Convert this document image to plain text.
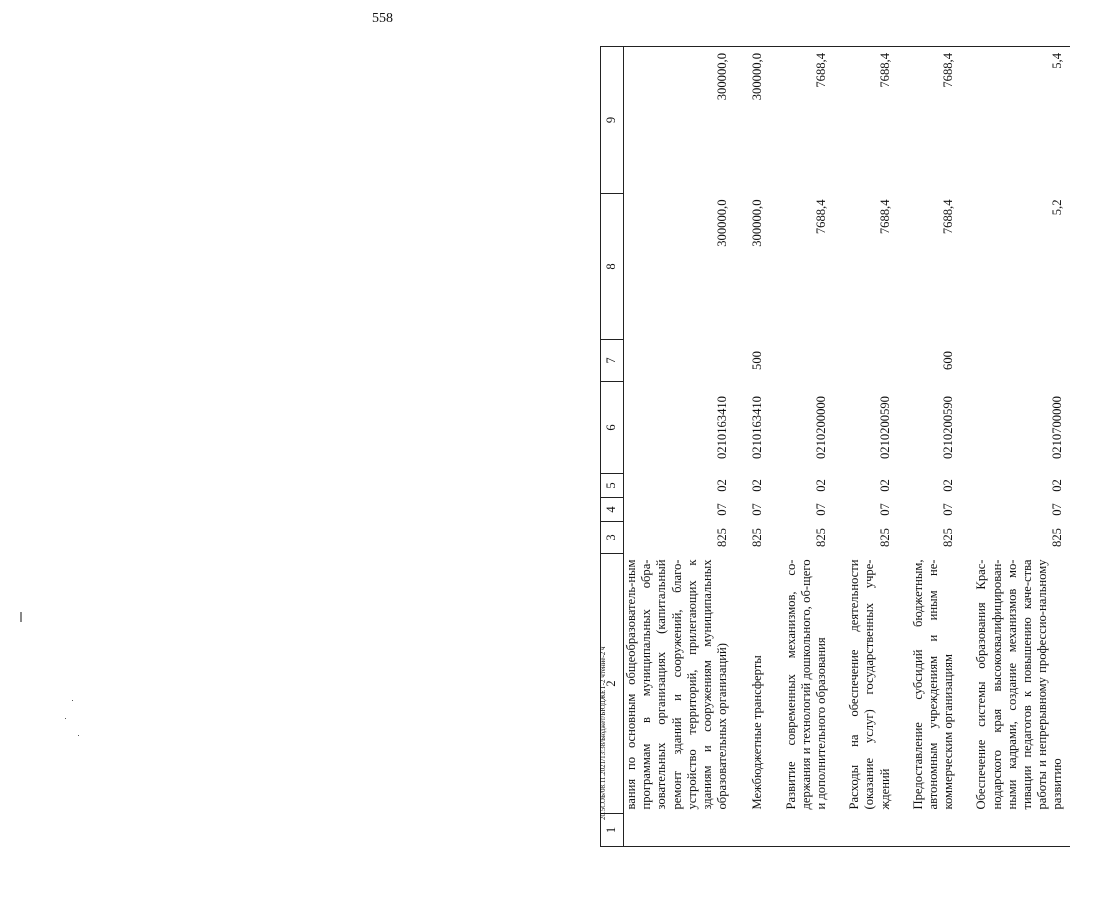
558
1	2	3	4	5	6	7	8	9
	вания по основным общеобразователь-ным программам в муниципальных обра-зовательных организациях (капитальный ремонт зданий и сооружений, благо-устройство территорий, прилегающих к зданиям и сооружениям муниципальных образовательных организаций)	825	07	02	0210163410		300000,0	300000,0
	Межбюджетные трансферты	825	07	02	0210163410	500	300000,0	300000,0
	Развитие современных механизмов, со-держания и технологий дошкольного, об-щего и дополнительного образования	825	07	02	0210200000		7688,4	7688,4
	Расходы на обеспечение деятельности (оказание услуг) государственных учре-ждений	825	07	02	0210200590		7688,4	7688,4
	Предоставление субсидий бюджетным, автономным учреждениям и иным не-коммерческим организациям	825	07	02	0210200590	600	7688,4	7688,4
	Обеспечение системы образования Крас-нодарского края высококвалифицирован-ными кадрами, создание механизмов мо-тивации педагогов к повышению каче-ства работы и непрерывному профессио-нальному развитию	825	07	02	0210700000		5,2	5,4
20.5СОБ/08.11.2021/13:38/Бюджет/БЮДЖЕТ-2 чтение-2 ч
